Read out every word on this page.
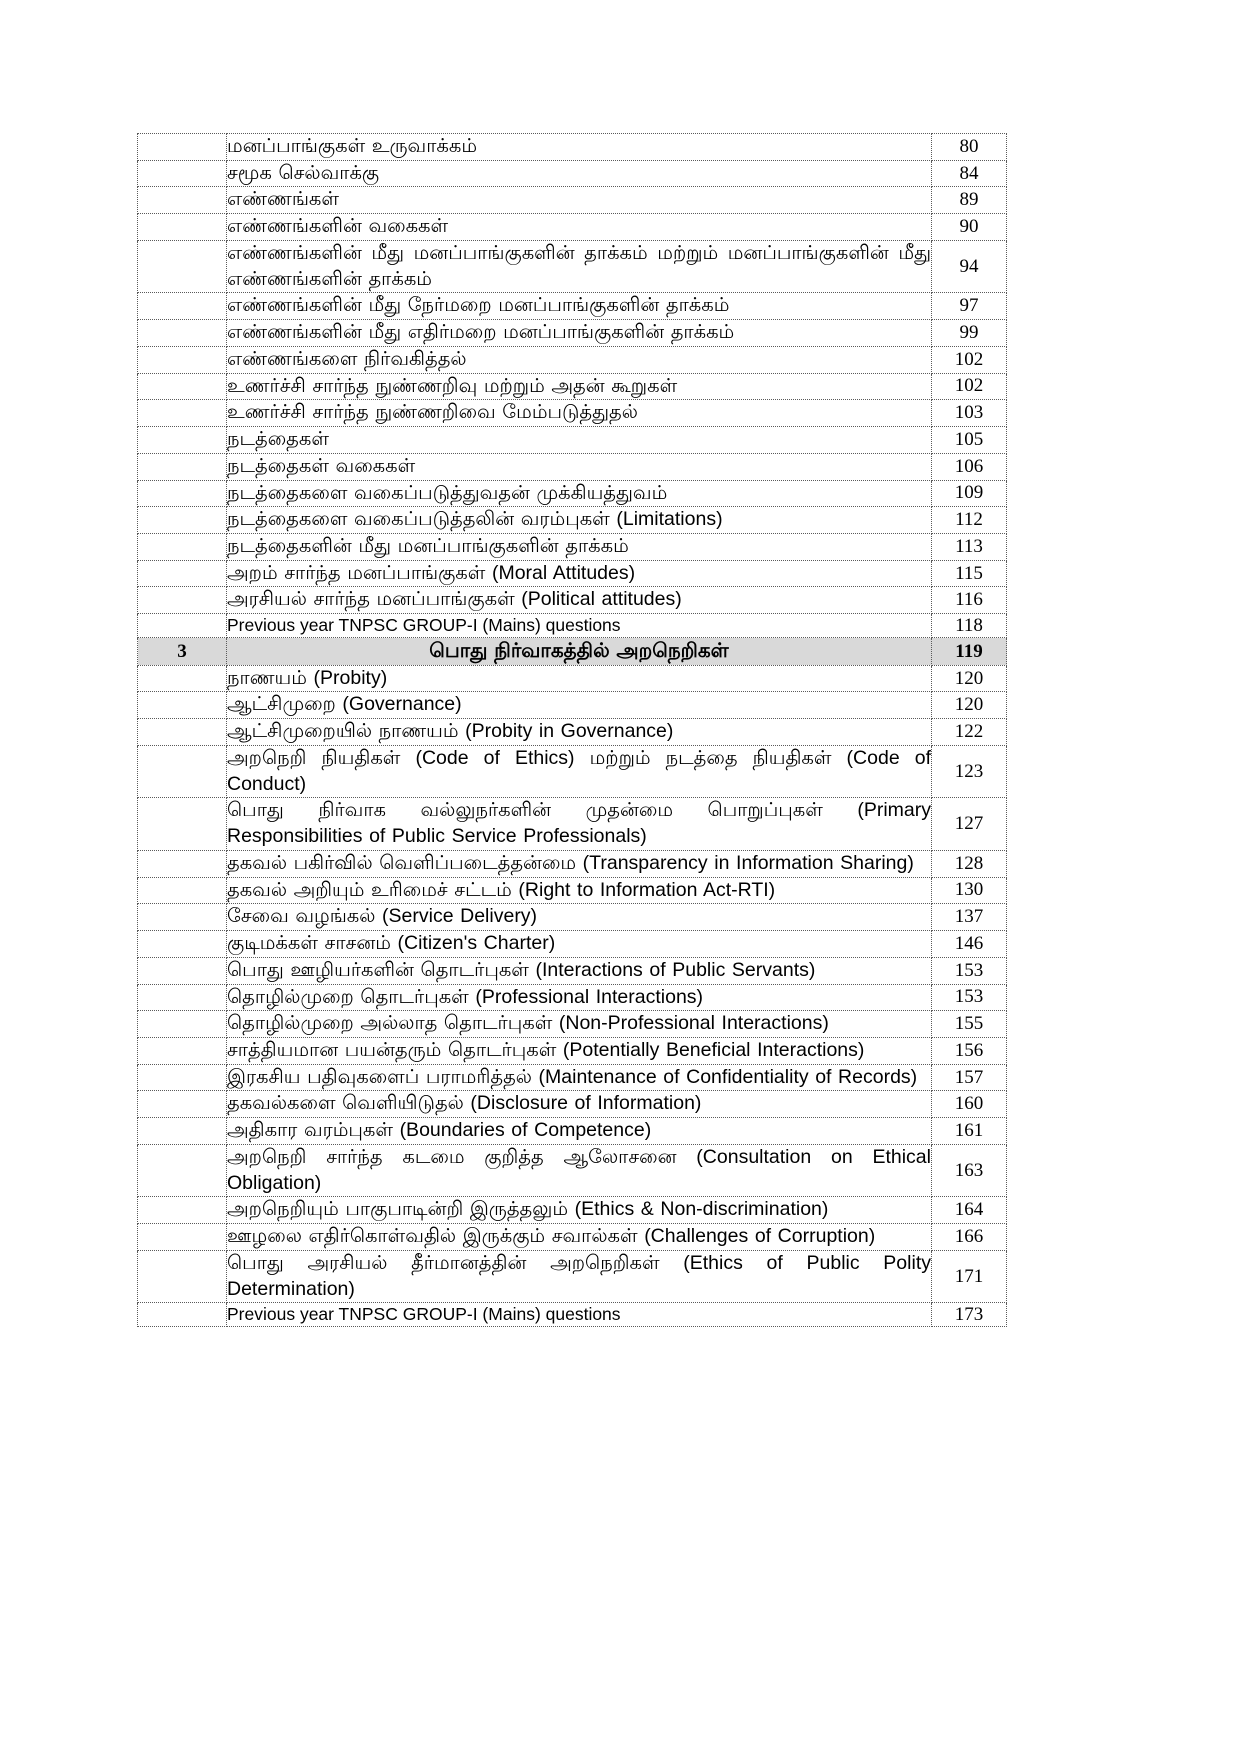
	மனப்பாங்குகள் உருவாக்கம்	80
	சமூக செல்வாக்கு	84
	எண்ணங்கள்	89
	எண்ணங்களின் வகைகள்	90
	எண்ணங்களின் மீது மனப்பாங்குகளின் தாக்கம் மற்றும் மனப்பாங்குகளின் மீது எண்ணங்களின் தாக்கம்	94
	எண்ணங்களின் மீது நேர்மறை மனப்பாங்குகளின் தாக்கம்	97
	எண்ணங்களின் மீது எதிர்மறை மனப்பாங்குகளின் தாக்கம்	99
	எண்ணங்களை நிர்வகித்தல்	102
	உணர்ச்சி சார்ந்த நுண்ணறிவு மற்றும் அதன் கூறுகள்	102
	உணர்ச்சி சார்ந்த நுண்ணறிவை மேம்படுத்துதல்	103
	நடத்தைகள்	105
	நடத்தைகள் வகைகள்	106
	நடத்தைகளை வகைப்படுத்துவதன் முக்கியத்துவம்	109
	நடத்தைகளை வகைப்படுத்தலின் வரம்புகள் (Limitations)	112
	நடத்தைகளின் மீது மனப்பாங்குகளின் தாக்கம்	113
	அறம் சார்ந்த மனப்பாங்குகள் (Moral Attitudes)	115
	அரசியல் சார்ந்த மனப்பாங்குகள் (Political attitudes)	116
	Previous year TNPSC GROUP-I (Mains) questions	118
3	பொது நிர்வாகத்தில் அறநெறிகள்	119
	நாணயம் (Probity)	120
	ஆட்சிமுறை (Governance)	120
	ஆட்சிமுறையில் நாணயம் (Probity in Governance)	122
	அறநெறி நியதிகள் (Code of Ethics) மற்றும் நடத்தை நியதிகள் (Code of Conduct)	123
	பொது நிர்வாக வல்லுநர்களின் முதன்மை பொறுப்புகள் (Primary Responsibilities of Public Service Professionals)	127
	தகவல் பகிர்வில் வெளிப்படைத்தன்மை (Transparency in Information Sharing)	128
	தகவல் அறியும் உரிமைச் சட்டம் (Right to Information Act-RTI)	130
	சேவை வழங்கல் (Service Delivery)	137
	குடிமக்கள் சாசனம் (Citizen's Charter)	146
	பொது ஊழியர்களின் தொடர்புகள் (Interactions of Public Servants)	153
	தொழில்முறை தொடர்புகள் (Professional Interactions)	153
	தொழில்முறை அல்லாத தொடர்புகள் (Non-Professional Interactions)	155
	சாத்தியமான பயன்தரும் தொடர்புகள் (Potentially Beneficial Interactions)	156
	இரகசிய பதிவுகளைப் பராமரித்தல் (Maintenance of Confidentiality of Records)	157
	தகவல்களை வெளியிடுதல் (Disclosure of Information)	160
	அதிகார வரம்புகள் (Boundaries of Competence)	161
	அறநெறி சார்ந்த கடமை குறித்த ஆலோசனை (Consultation on Ethical Obligation)	163
	அறநெறியும் பாகுபாடின்றி இருத்தலும் (Ethics & Non-discrimination)	164
	ஊழலை எதிர்கொள்வதில் இருக்கும் சவால்கள் (Challenges of Corruption)	166
	பொது அரசியல் தீர்மானத்தின் அறநெறிகள் (Ethics of Public Polity Determination)	171
	Previous year TNPSC GROUP-I (Mains) questions	173
